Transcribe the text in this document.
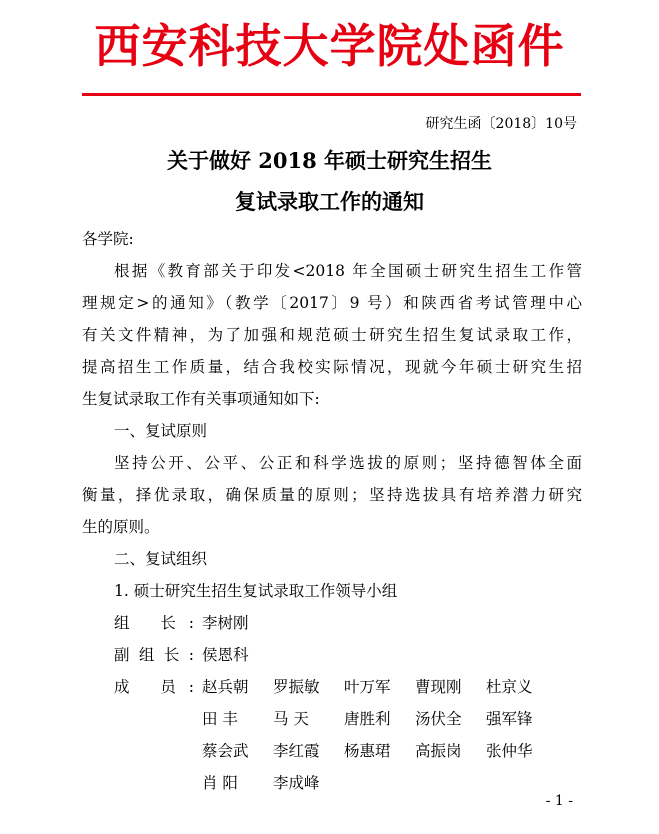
西安科技大学院处函件
研究生函〔2018〕10号
关于做好 2018 年硕士研究生招生
复试录取工作的通知
各学院:
根据《教育部关于印发<2018 年全国硕士研究生招生工作管
理规定>的通知》（教学〔2017〕9 号）和陕西省考试管理中心
有关文件精神，为了加强和规范硕士研究生招生复试录取工作，
提高招生工作质量，结合我校实际情况，现就今年硕士研究生招
生复试录取工作有关事项通知如下:
一、复试原则
坚持公开、公平、公正和科学选拔的原则；坚持德智体全面
衡量，择优录取，确保质量的原则；坚持选拔具有培养潜力研究
生的原则。
二、复试组织
1. 硕士研究生招生复试录取工作领导小组
组 长: 李树刚
副组长: 侯恩科
成 员: 赵兵朝	罗振敏	叶万军	曹现刚	杜京义
田 丰	马 天	唐胜利	汤伏全	强军锋
蔡会武	李红霞	杨惠珺	高振岗	张仲华
肖 阳	李成峰
- 1 -
